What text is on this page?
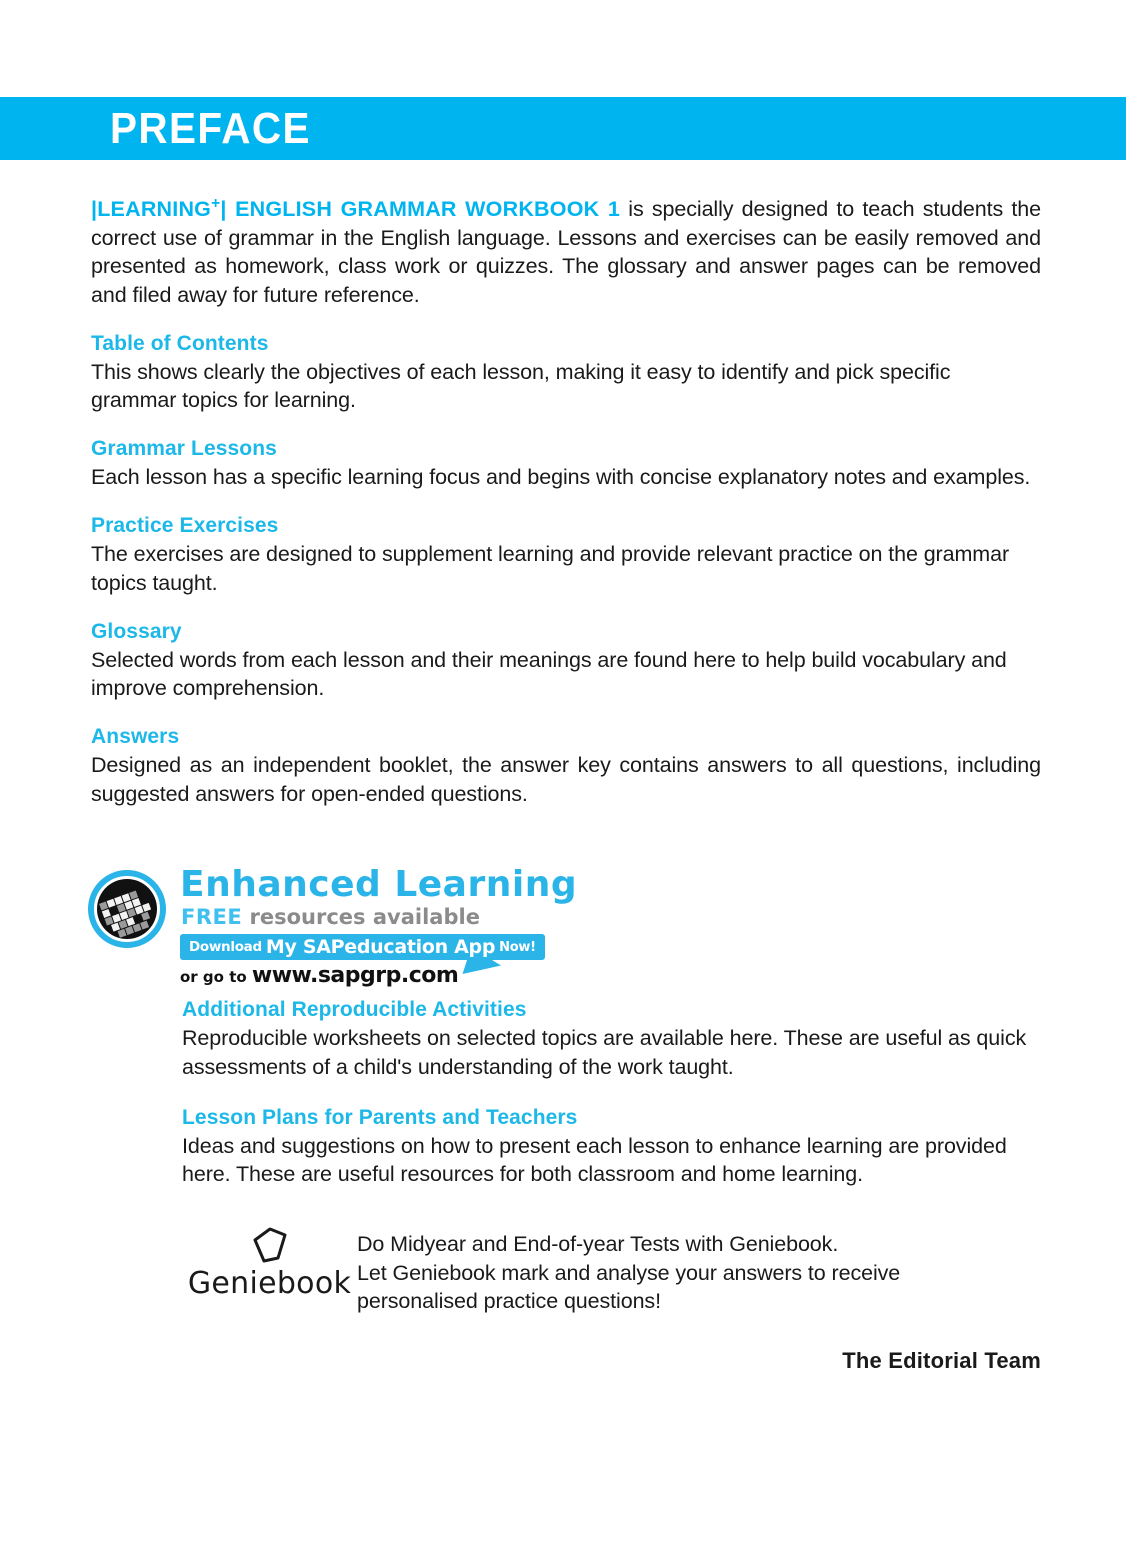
PREFACE

|LEARNING+| ENGLISH GRAMMAR WORKBOOK 1 is specially designed to teach students the correct use of grammar in the English language. Lessons and exercises can be easily removed and presented as homework, class work or quizzes. The glossary and answer pages can be removed and filed away for future reference.

Table of Contents
This shows clearly the objectives of each lesson, making it easy to identify and pick specific grammar topics for learning.
Grammar Lessons
Each lesson has a specific learning focus and begins with concise explanatory notes and examples.
Practice Exercises
The exercises are designed to supplement learning and provide relevant practice on the grammar topics taught.
Glossary
Selected words from each lesson and their meanings are found here to help build vocabulary and improve comprehension.
Answers
Designed as an independent booklet, the answer key contains answers to all questions, including suggested answers for open-ended questions.
Enhanced Learning
FREE resources available
Download My SAPeducation App Now!
or go to www.sapgrp.com
Additional Reproducible Activities
Reproducible worksheets on selected topics are available here. These are useful as quick assessments of a child's understanding of the work taught.
Lesson Plans for Parents and Teachers
Ideas and suggestions on how to present each lesson to enhance learning are provided here. These are useful resources for both classroom and home learning.
Geniebook
Do Midyear and End-of-year Tests with Geniebook.
Let Geniebook mark and analyse your answers to receive
personalised practice questions!
The Editorial Team
